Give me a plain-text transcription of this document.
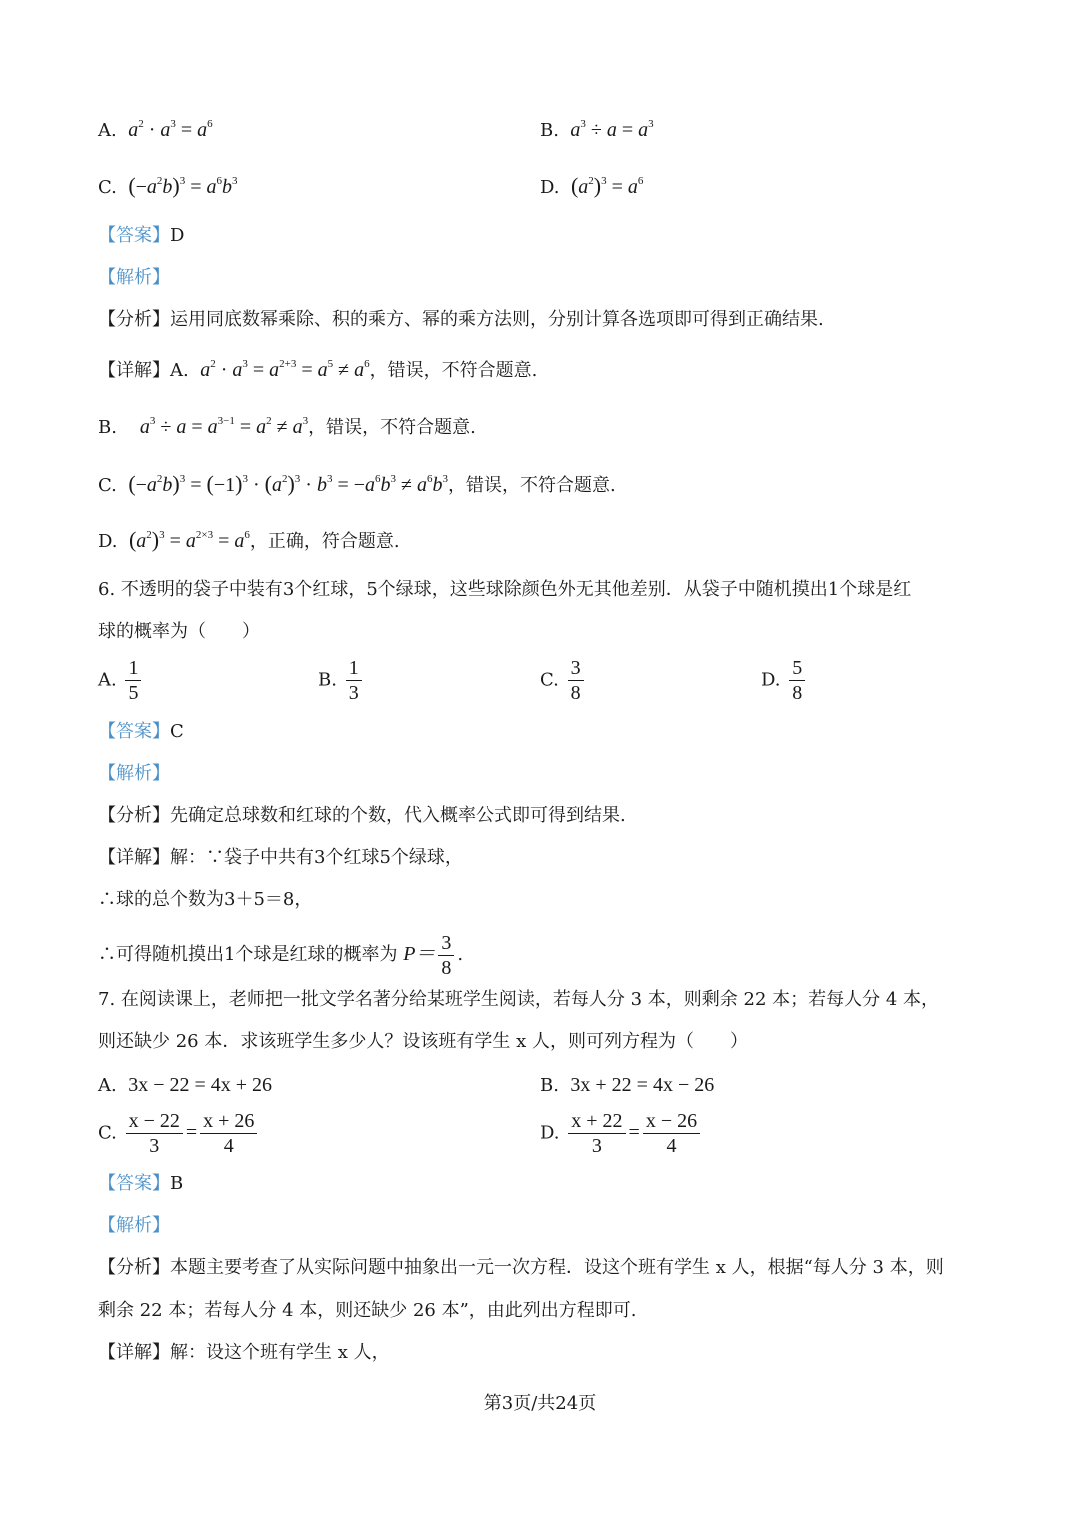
A. $a^2 \cdot a^3 = a^6$	B. $a^3 \div a = a^3$
C. $(-a^2b)^3 = a^6b^3$	D. $(a^2)^3 = a^6$
【答案】D
【解析】
【分析】运用同底数幂乘除、积的乘方、幂的乘方法则，分别计算各选项即可得到正确结果.
【详解】A. $a^2 \cdot a^3 = a^{2+3} = a^5 \ne a^6$，错误，不符合题意.
B. $a^3 \div a = a^{3-1} = a^2 \ne a^3$，错误，不符合题意.
C. $(-a^2b)^3 = (-1)^3 \cdot (a^2)^3 \cdot b^3 = -a^6b^3 \ne a^6b^3$，错误，不符合题意.
D. $(a^2)^3 = a^{2\times 3} = a^6$，正确，符合题意.
6. 不透明的袋子中装有3个红球，5个绿球，这些球除颜色外无其他差别．从袋子中随机摸出1个球是红
球的概率为（　　）
A. $\frac{1}{5}$	B. $\frac{1}{3}$	C. $\frac{3}{8}$	D. $\frac{5}{8}$
【答案】C
【解析】
【分析】先确定总球数和红球的个数，代入概率公式即可得到结果.
【详解】解：∵袋子中共有3个红球5个绿球，
∴球的总个数为3＋5＝8，
∴可得随机摸出1个球是红球的概率为 $P= \frac{3}{8}$ .
7. 在阅读课上，老师把一批文学名著分给某班学生阅读，若每人分 3 本，则剩余 22 本；若每人分 4 本，
则还缺少 26 本．求该班学生多少人？设该班有学生 x 人，则可列方程为（　　）
A. 3x − 22 = 4x + 26	B. 3x + 22 = 4x − 26
C. $\frac{x - 22}{3} = \frac{x + 26}{4}$	D. $\frac{x + 22}{3} = \frac{x - 26}{4}$
【答案】B
【解析】
【分析】本题主要考查了从实际问题中抽象出一元一次方程．设这个班有学生 x 人，根据“每人分 3 本，则
剩余 22 本；若每人分 4 本，则还缺少 26 本”，由此列出方程即可.
【详解】解：设这个班有学生 x 人，
第3页/共24页
